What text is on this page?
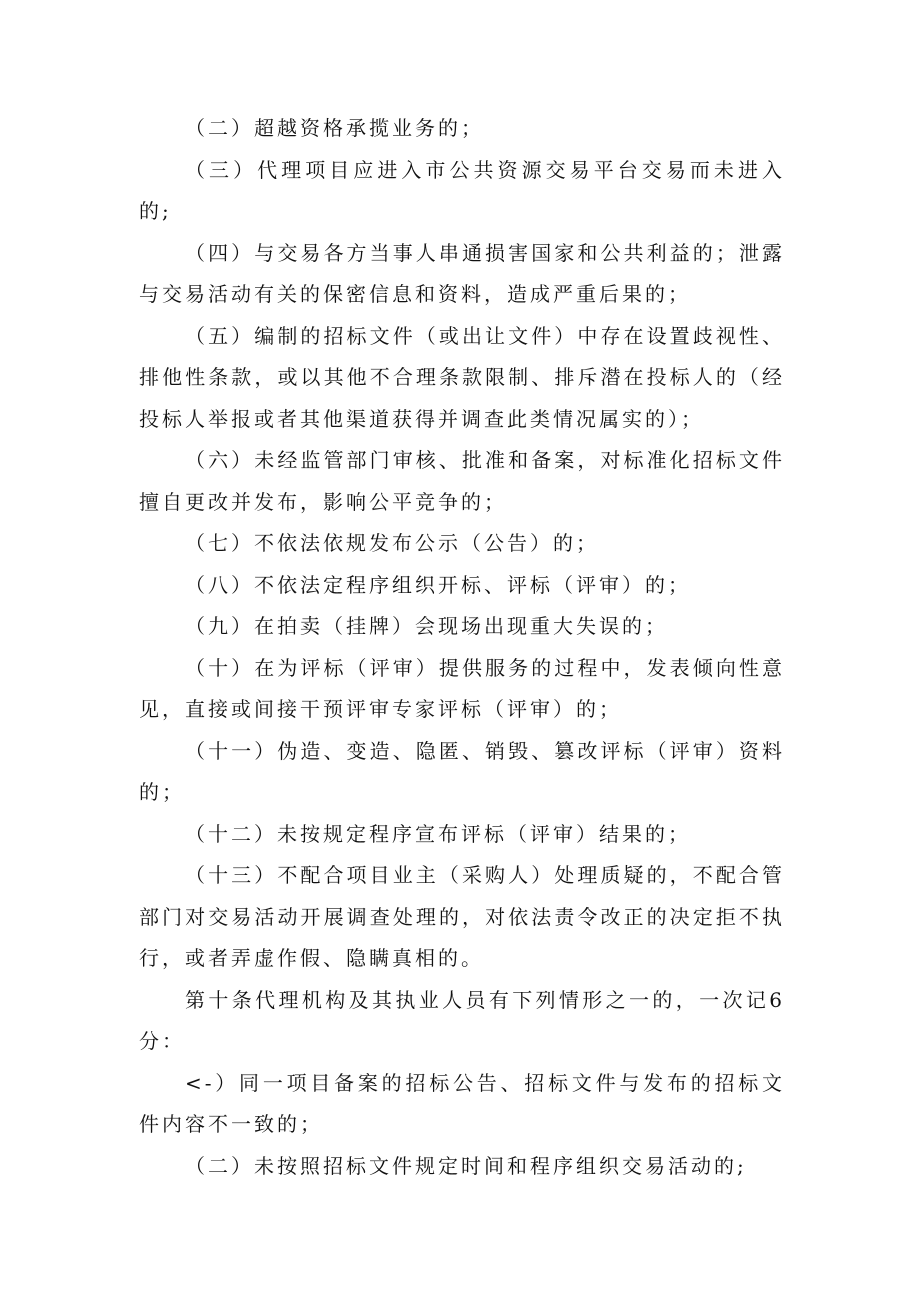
（二）超越资格承揽业务的；

（三）代理项目应进入市公共资源交易平台交易而未进入的;

（四）与交易各方当事人串通损害国家和公共利益的；泄露与交易活动有关的保密信息和资料，造成严重后果的；

（五）编制的招标文件（或出让文件）中存在设置歧视性、排他性条款，或以其他不合理条款限制、排斥潜在投标人的（经投标人举报或者其他渠道获得并调查此类情况属实的）；

（六）未经监管部门审核、批准和备案，对标准化招标文件擅自更改并发布，影响公平竞争的；

（七）不依法依规发布公示（公告）的；

（八）不依法定程序组织开标、评标（评审）的；

（九）在拍卖（挂牌）会现场出现重大失误的；

（十）在为评标（评审）提供服务的过程中，发表倾向性意见，直接或间接干预评审专家评标（评审）的；

（十一）伪造、变造、隐匿、销毁、篡改评标（评审）资料的；

（十二）未按规定程序宣布评标（评审）结果的；

（十三）不配合项目业主（采购人）处理质疑的，不配合管部门对交易活动开展调查处理的，对依法责令改正的决定拒不执行，或者弄虚作假、隐瞒真相的。

第十条代理机构及其执业人员有下列情形之一的，一次记6分：

<-）同一项目备案的招标公告、招标文件与发布的招标文件内容不一致的；

（二）未按照招标文件规定时间和程序组织交易活动的;
